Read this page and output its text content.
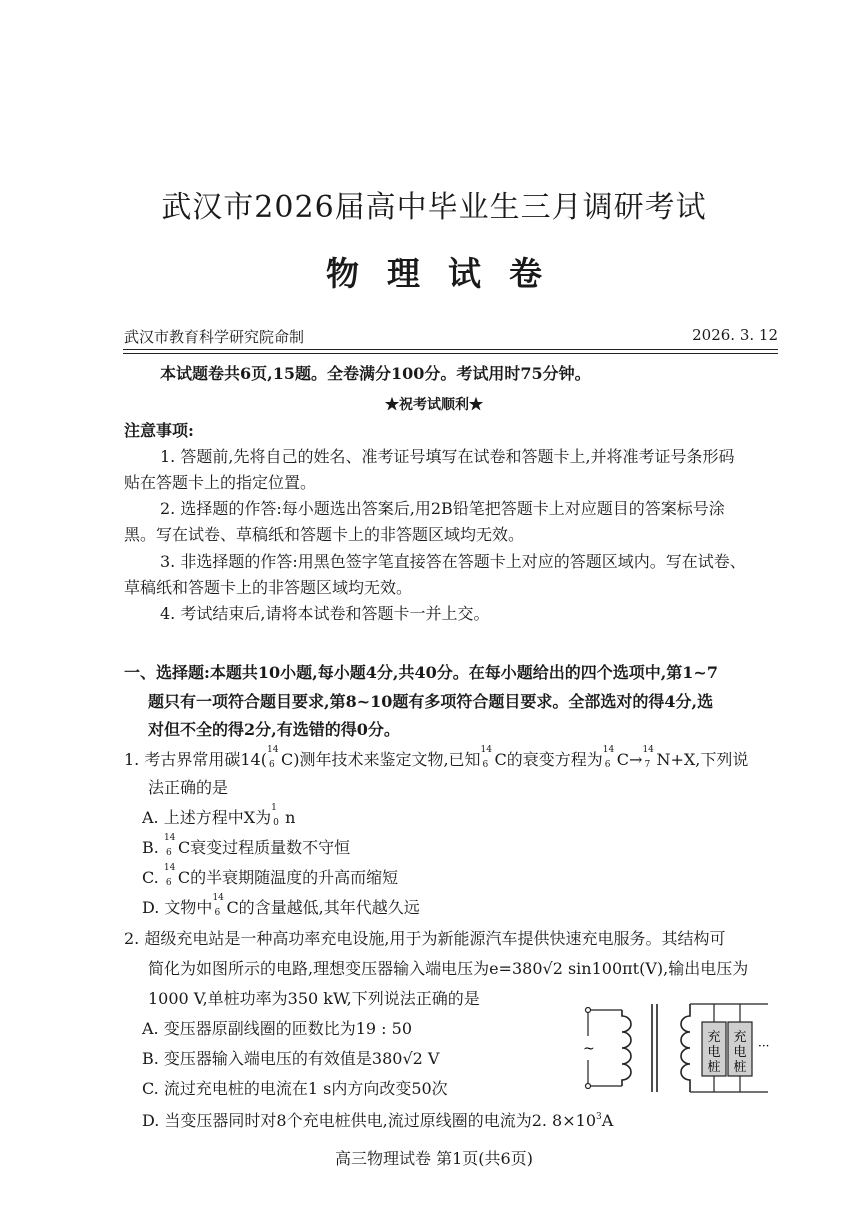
武汉市2026届高中毕业生三月调研考试
物理试卷
武汉市教育科学研究院命制	2026. 3. 12
本试题卷共6页,15题。全卷满分100分。考试用时75分钟。
★祝考试顺利★
注意事项:
1. 答题前,先将自己的姓名、准考证号填写在试卷和答题卡上,并将准考证号条形码
贴在答题卡上的指定位置。
2. 选择题的作答:每小题选出答案后,用2B铅笔把答题卡上对应题目的答案标号涂
黑。写在试卷、草稿纸和答题卡上的非答题区域均无效。
3. 非选择题的作答:用黑色签字笔直接答在答题卡上对应的答题区域内。写在试卷、
草稿纸和答题卡上的非答题区域均无效。
4. 考试结束后,请将本试卷和答题卡一并上交。
一、选择题:本题共10小题,每小题4分,共40分。在每小题给出的四个选项中,第1~7
题只有一项符合题目要求,第8~10题有多项符合题目要求。全部选对的得4分,选
对但不全的得2分,有选错的得0分。
1. 考古界常用碳14( 14
6 C)测年技术来鉴定文物,已知 14
6 C的衰变方程为 14
6 C→ 14
7 N+X,下列说
法正确的是
A. 上述方程中X为 1
0 n
B. 14
6 C衰变过程质量数不守恒
C. 14
6 C的半衰期随温度的升高而缩短
D. 文物中 14
6 C的含量越低,其年代越久远
2. 超级充电站是一种高功率充电设施,用于为新能源汽车提供快速充电服务。其结构可
简化为如图所示的电路,理想变压器输入端电压为e=380√2 sin100πt(V),输出电压为
1000 V,单桩功率为350 kW,下列说法正确的是
A. 变压器原副线圈的匝数比为19 : 50
B. 变压器输入端电压的有效值是380√2 V
C. 流过充电桩的电流在1 s内方向改变50次
D. 当变压器同时对8个充电桩供电,流过原线圈的电流为2. $8\times 10^3A$
~
充电桩
充电桩
···
高三物理试卷 第1页(共6页)
